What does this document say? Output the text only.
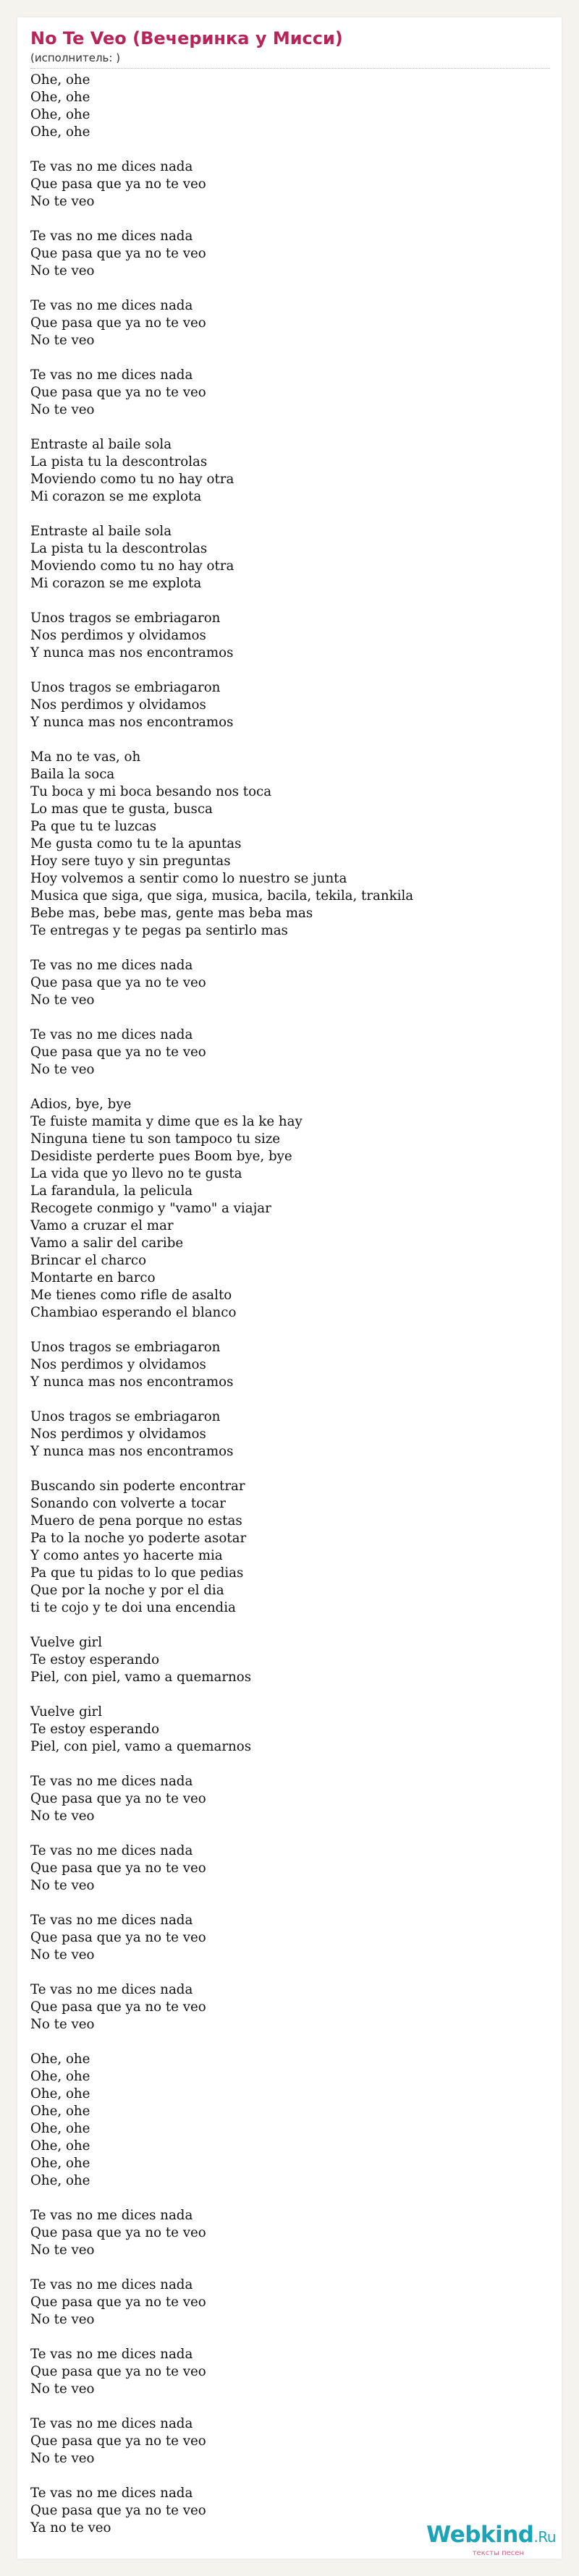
No Te Veo (Вечеринка у Мисси)
(исполнитель: )
Ohe, ohe
Ohe, ohe
Ohe, ohe
Ohe, ohe
Te vas no me dices nada
Que pasa que ya no te veo
No te veo
Te vas no me dices nada
Que pasa que ya no te veo
No te veo
Te vas no me dices nada
Que pasa que ya no te veo
No te veo
Te vas no me dices nada
Que pasa que ya no te veo
No te veo
Entraste al baile sola
La pista tu la descontrolas
Moviendo como tu no hay otra
Mi corazon se me explota
Entraste al baile sola
La pista tu la descontrolas
Moviendo como tu no hay otra
Mi corazon se me explota
Unos tragos se embriagaron
Nos perdimos y olvidamos
Y nunca mas nos encontramos
Unos tragos se embriagaron
Nos perdimos y olvidamos
Y nunca mas nos encontramos
Ma no te vas, oh
Baila la soca
Tu boca y mi boca besando nos toca
Lo mas que te gusta, busca
Pa que tu te luzcas
Me gusta como tu te la apuntas
Hoy sere tuyo y sin preguntas
Hoy volvemos a sentir como lo nuestro se junta
Musica que siga, que siga, musica, bacila, tekila, trankila
Bebe mas, bebe mas, gente mas beba mas
Te entregas y te pegas pa sentirlo mas
Te vas no me dices nada
Que pasa que ya no te veo
No te veo
Te vas no me dices nada
Que pasa que ya no te veo
No te veo
Adios, bye, bye
Te fuiste mamita y dime que es la ke hay
Ninguna tiene tu son tampoco tu size
Desidiste perderte pues Boom bye, bye
La vida que yo llevo no te gusta
La farandula, la pelicula
Recogete conmigo y "vamo" a viajar
Vamo a cruzar el mar
Vamo a salir del caribe
Brincar el charco
Montarte en barco
Me tienes como rifle de asalto
Chambiao esperando el blanco
Unos tragos se embriagaron
Nos perdimos y olvidamos
Y nunca mas nos encontramos
Unos tragos se embriagaron
Nos perdimos y olvidamos
Y nunca mas nos encontramos
Buscando sin poderte encontrar
Sonando con volverte a tocar
Muero de pena porque no estas
Pa to la noche yo poderte asotar
Y como antes yo hacerte mia
Pa que tu pidas to lo que pedias
Que por la noche y por el dia
ti te cojo y te doi una encendia
Vuelve girl
Te estoy esperando
Piel, con piel, vamo a quemarnos
Vuelve girl
Te estoy esperando
Piel, con piel, vamo a quemarnos
Te vas no me dices nada
Que pasa que ya no te veo
No te veo
Te vas no me dices nada
Que pasa que ya no te veo
No te veo
Te vas no me dices nada
Que pasa que ya no te veo
No te veo
Te vas no me dices nada
Que pasa que ya no te veo
No te veo
Ohe, ohe
Ohe, ohe
Ohe, ohe
Ohe, ohe
Ohe, ohe
Ohe, ohe
Ohe, ohe
Ohe, ohe
Te vas no me dices nada
Que pasa que ya no te veo
No te veo
Te vas no me dices nada
Que pasa que ya no te veo
No te veo
Te vas no me dices nada
Que pasa que ya no te veo
No te veo
Te vas no me dices nada
Que pasa que ya no te veo
No te veo
Te vas no me dices nada
Que pasa que ya no te veo
Ya no te veo	Webkind.Ru
тексты песен
